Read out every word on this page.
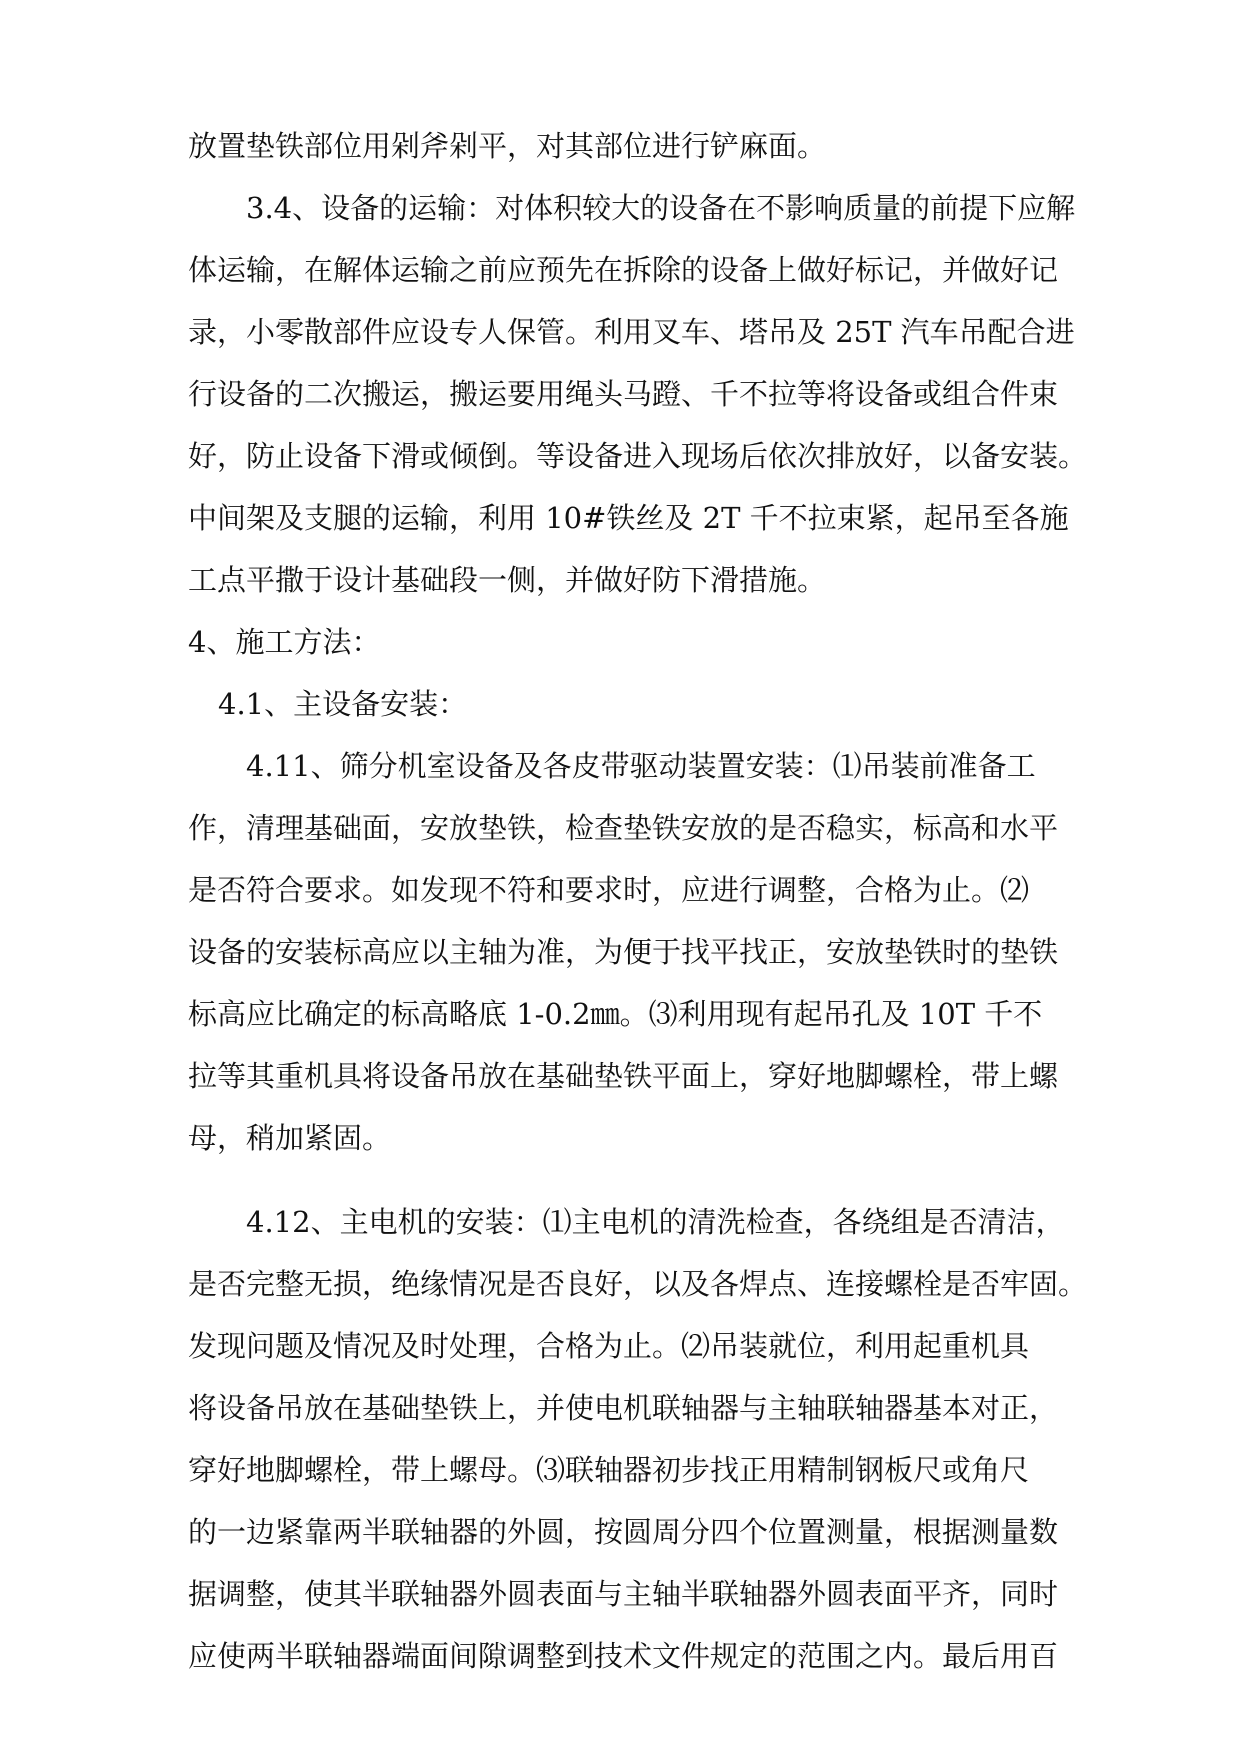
放置垫铁部位用剁斧剁平，对其部位进行铲麻面。
3.4、设备的运输：对体积较大的设备在不影响质量的前提下应解
体运输，在解体运输之前应预先在拆除的设备上做好标记，并做好记
录，小零散部件应设专人保管。利用叉车、塔吊及 25T 汽车吊配合进
行设备的二次搬运，搬运要用绳头马蹬、千不拉等将设备或组合件束
好，防止设备下滑或倾倒。等设备进入现场后依次排放好，以备安装。
中间架及支腿的运输，利用 10#铁丝及 2T 千不拉束紧，起吊至各施
工点平撒于设计基础段一侧，并做好防下滑措施。
4、施工方法：
4.1、主设备安装：
4.11、筛分机室设备及各皮带驱动装置安装：⑴吊装前准备工
作，清理基础面，安放垫铁，检查垫铁安放的是否稳实，标高和水平
是否符合要求。如发现不符和要求时，应进行调整，合格为止。⑵
设备的安装标高应以主轴为准，为便于找平找正，安放垫铁时的垫铁
标高应比确定的标高略底 1-0.2㎜。⑶利用现有起吊孔及 10T 千不
拉等其重机具将设备吊放在基础垫铁平面上，穿好地脚螺栓，带上螺
母，稍加紧固。
4.12、主电机的安装：⑴主电机的清洗检查，各绕组是否清洁，
是否完整无损，绝缘情况是否良好，以及各焊点、连接螺栓是否牢固。
发现问题及情况及时处理，合格为止。⑵吊装就位，利用起重机具
将设备吊放在基础垫铁上，并使电机联轴器与主轴联轴器基本对正，
穿好地脚螺栓，带上螺母。⑶联轴器初步找正用精制钢板尺或角尺
的一边紧靠两半联轴器的外圆，按圆周分四个位置测量，根据测量数
据调整，使其半联轴器外圆表面与主轴半联轴器外圆表面平齐，同时
应使两半联轴器端面间隙调整到技术文件规定的范围之内。最后用百
